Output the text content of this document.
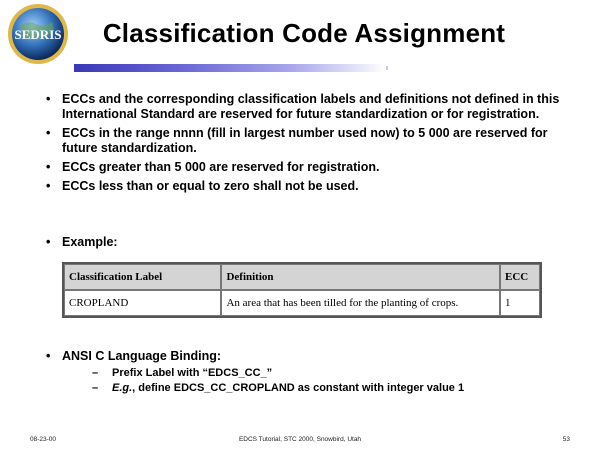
SEDRIS	Classification Code Assignment
• ECCs and the corresponding classification labels and definitions not defined in this International Standard are reserved for future standardization or for registration.
• ECCs in the range nnnn (fill in largest number used now) to 5 000 are reserved for future standardization.
• ECCs greater than 5 000 are reserved for registration.
• ECCs less than or equal to zero shall not be used.
• Example:
Classification Label	Definition	ECC
CROPLAND	An area that has been tilled for the planting of crops.	1
• ANSI C Language Binding:
– Prefix Label with “EDCS_CC_”
– E.g., define EDCS_CC_CROPLAND as constant with integer value 1
08-23-00	EDCS Tutorial, STC 2000, Snowbird, Utah	53
